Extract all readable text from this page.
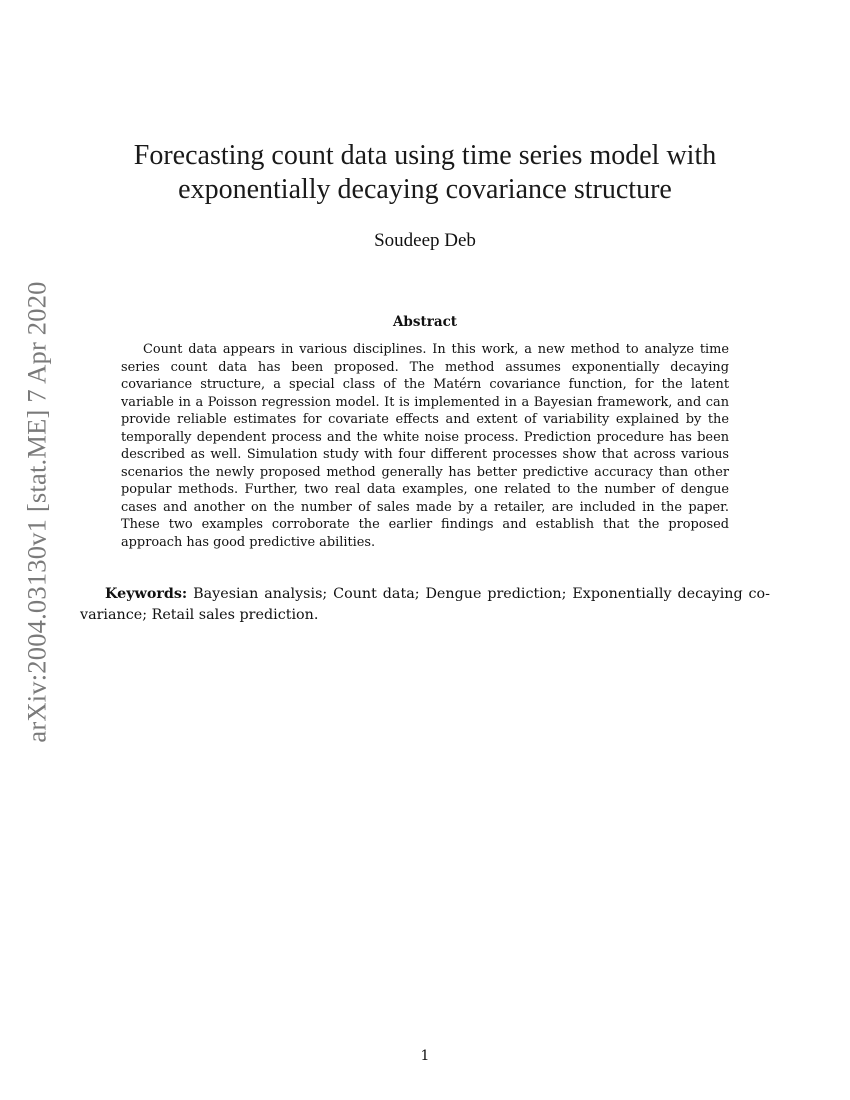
arXiv:2004.03130v1 [stat.ME] 7 Apr 2020
Forecasting count data using time series model with
exponentially decaying covariance structure
Soudeep Deb
Abstract
Count data appears in various disciplines. In this work, a new method to analyze time series count data has been proposed. The method assumes exponentially decaying covariance structure, a special class of the Matérn covariance function, for the latent variable in a Poisson regression model. It is implemented in a Bayesian framework, and can provide reliable estimates for covariate effects and extent of variability explained by the temporally dependent process and the white noise process. Prediction procedure has been described as well. Simulation study with four different processes show that across various scenarios the newly proposed method generally has better predictive accuracy than other popular methods. Further, two real data examples, one related to the number of dengue cases and another on the number of sales made by a retailer, are included in the paper. These two examples corroborate the earlier findings and establish that the proposed approach has good predictive abilities.
Keywords: Bayesian analysis; Count data; Dengue prediction; Exponentially decaying co-variance; Retail sales prediction.
1
